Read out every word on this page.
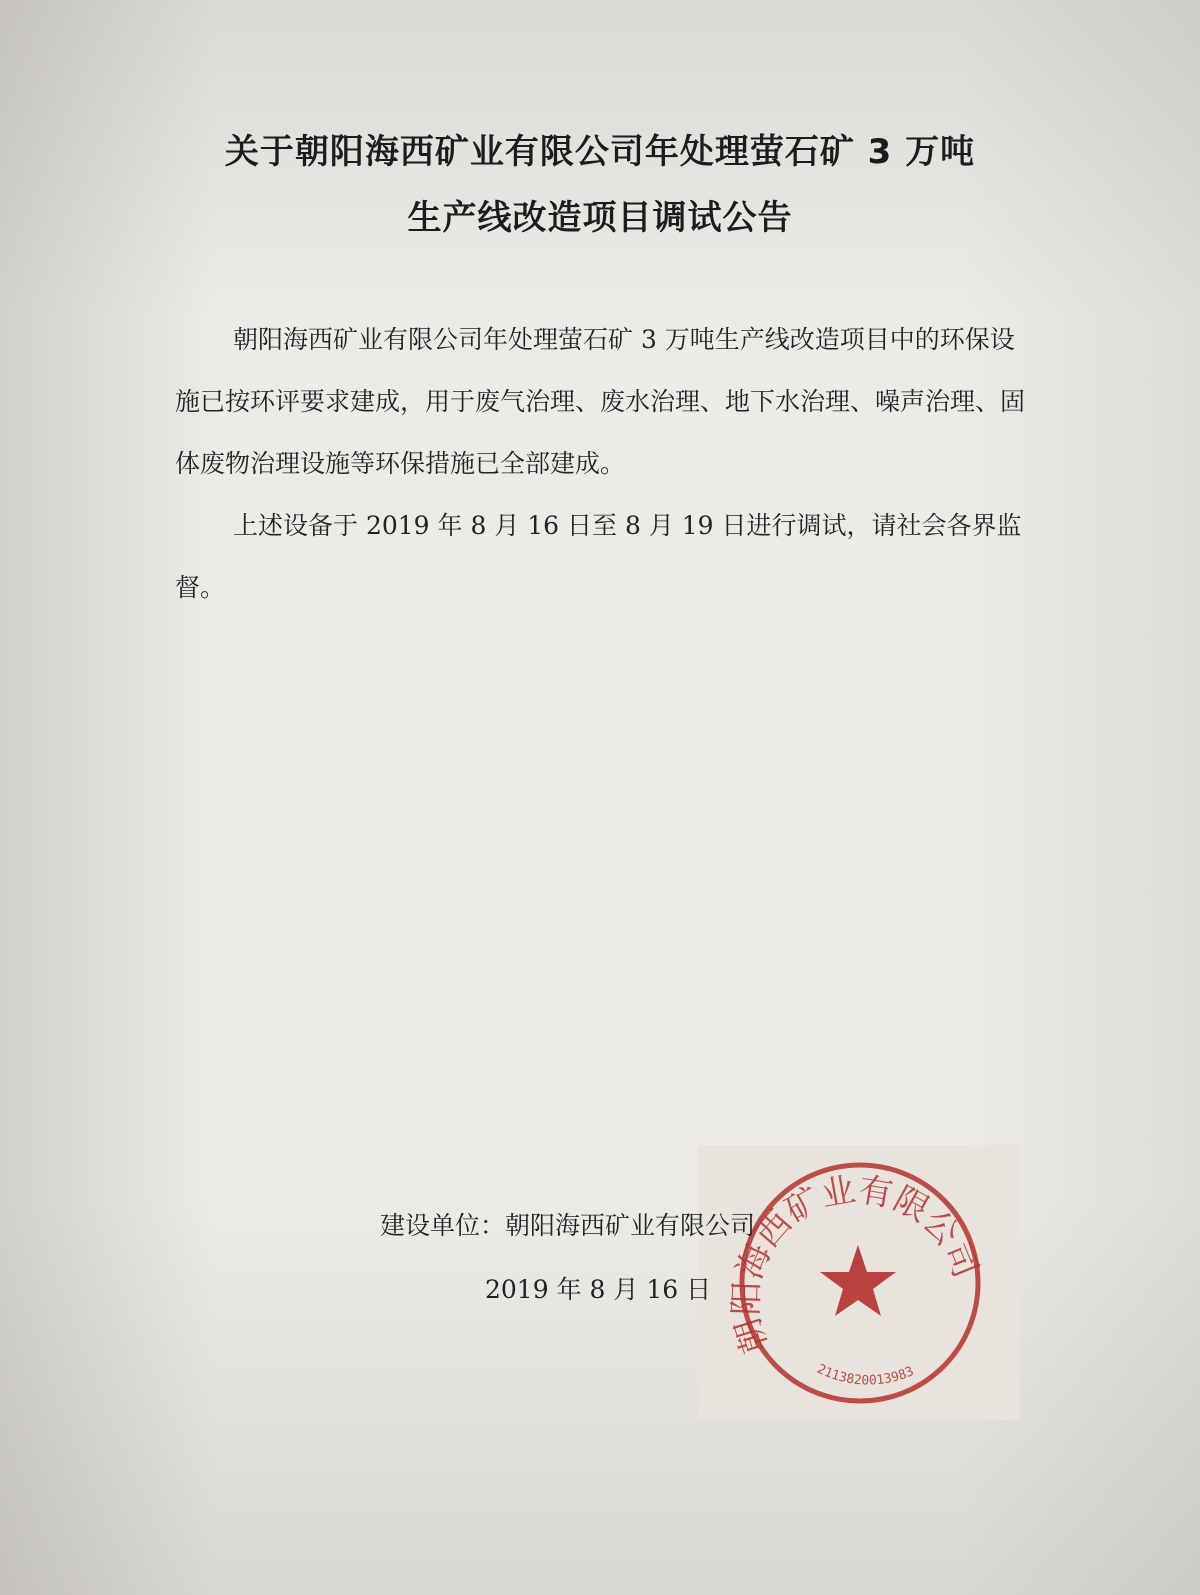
关于朝阳海西矿业有限公司年处理萤石矿 3 万吨
生产线改造项目调试公告
朝阳海西矿业有限公司年处理萤石矿 3 万吨生产线改造项目中的环保设施已按环评要求建成，用于废气治理、废水治理、地下水治理、噪声治理、固体废物治理设施等环保措施已全部建成。
上述设备于 2019 年 8 月 16 日至 8 月 19 日进行调试，请社会各界监督。
朝阳海西矿业有限公司
2113820013983
建设单位：朝阳海西矿业有限公司
2019 年 8 月 16 日
